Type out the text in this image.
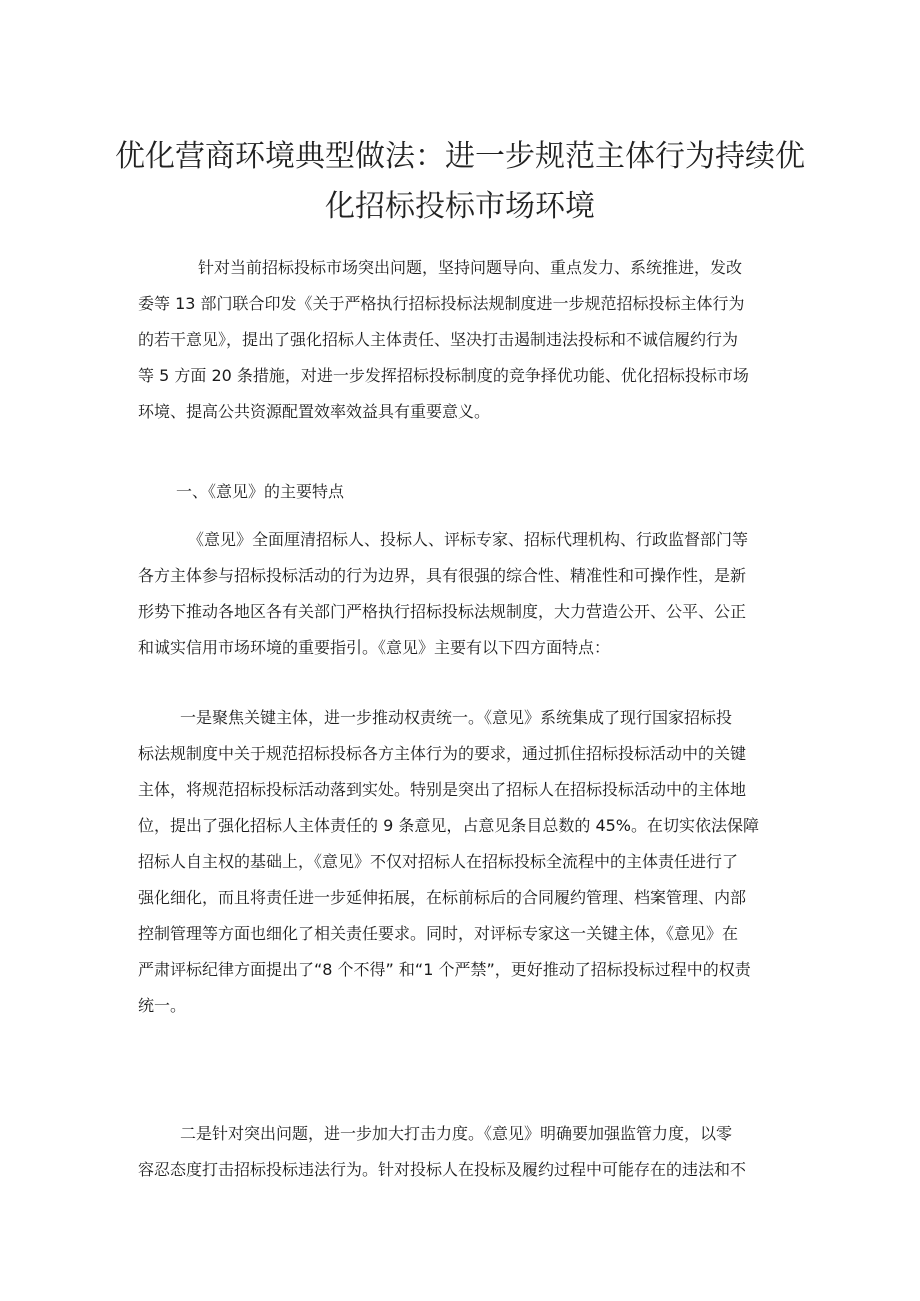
优化营商环境典型做法：进一步规范主体行为持续优
化招标投标市场环境
针对当前招标投标市场突出问题，坚持问题导向、重点发力、系统推进，发改
委等 13 部门联合印发《关于严格执行招标投标法规制度进一步规范招标投标主体行为
的若干意见》，提出了强化招标人主体责任、坚决打击遏制违法投标和不诚信履约行为
等 5 方面 20 条措施，对进一步发挥招标投标制度的竞争择优功能、优化招标投标市场
环境、提高公共资源配置效率效益具有重要意义。
一、《意见》的主要特点
《意见》全面厘清招标人、投标人、评标专家、招标代理机构、行政监督部门等
各方主体参与招标投标活动的行为边界，具有很强的综合性、精准性和可操作性，是新
形势下推动各地区各有关部门严格执行招标投标法规制度，大力营造公开、公平、公正
和诚实信用市场环境的重要指引。《意见》主要有以下四方面特点：
一是聚焦关键主体，进一步推动权责统一。《意见》系统集成了现行国家招标投
标法规制度中关于规范招标投标各方主体行为的要求，通过抓住招标投标活动中的关键
主体，将规范招标投标活动落到实处。特别是突出了招标人在招标投标活动中的主体地
位，提出了强化招标人主体责任的 9 条意见，占意见条目总数的 45%。在切实依法保障
招标人自主权的基础上，《意见》不仅对招标人在招标投标全流程中的主体责任进行了
强化细化，而且将责任进一步延伸拓展，在标前标后的合同履约管理、档案管理、内部
控制管理等方面也细化了相关责任要求。同时，对评标专家这一关键主体，《意见》在
严肃评标纪律方面提出了“8 个不得” 和“1 个严禁”，更好推动了招标投标过程中的权责
统一。
二是针对突出问题，进一步加大打击力度。《意见》明确要加强监管力度，以零
容忍态度打击招标投标违法行为。针对投标人在投标及履约过程中可能存在的违法和不
